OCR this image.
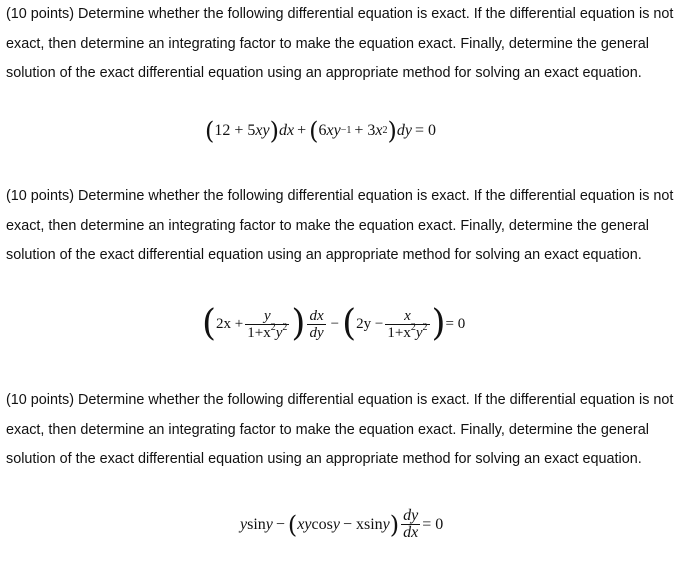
(10 points) Determine whether the following differential equation is exact. If the differential equation is not exact, then determine an integrating factor to make the equation exact. Finally, determine the general solution of the exact differential equation using an appropriate method for solving an exact equation.

( 12 + 5 xy ) dx + ( 6 xy −1 + 3 x 2 ) dy = 0

(10 points) Determine whether the following differential equation is exact. If the differential equation is not exact, then determine an integrating factor to make the equation exact. Finally, determine the general solution of the exact differential equation using an appropriate method for solving an exact equation.

( $2x + \frac{y}{1+x^2y^2}$ ) $\frac{dx}{dy}$ − ( $2y - \frac{x}{1+x^2y^2}$ ) = 0

(10 points) Determine whether the following differential equation is exact. If the differential equation is not exact, then determine an integrating factor to make the equation exact. Finally, determine the general solution of the exact differential equation using an appropriate method for solving an exact equation.

y sin y − ( xy cos y − x sin y ) $\frac{dy}{dx} = 0$
